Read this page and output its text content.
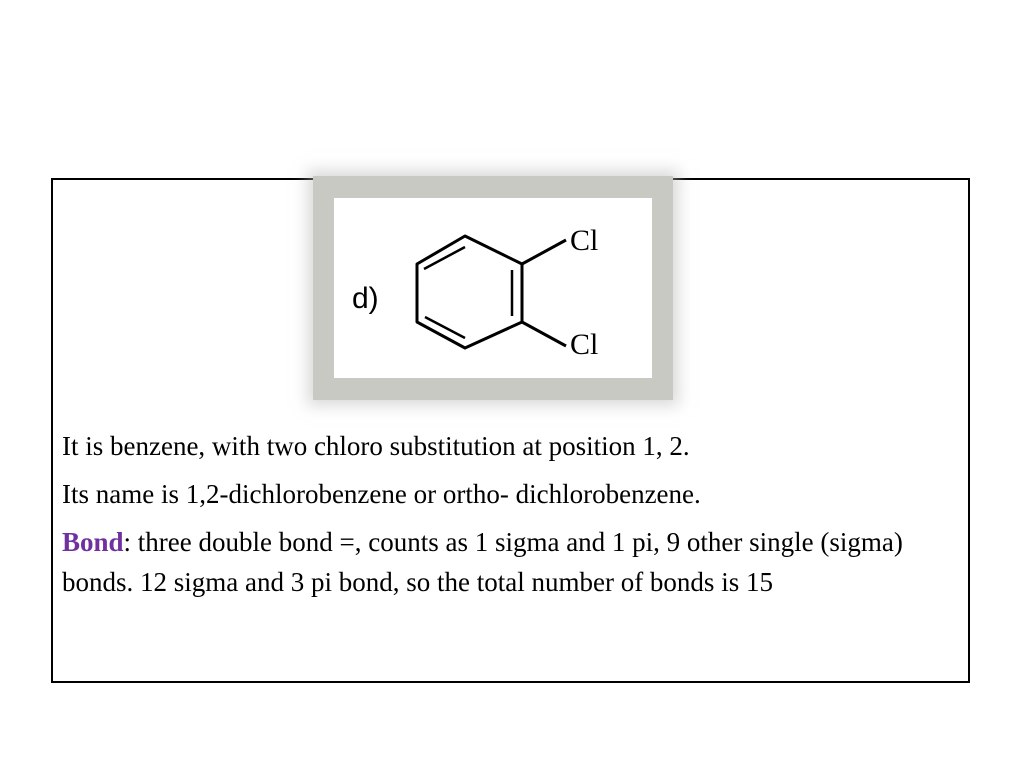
Cl
Cl
d)

It is benzene, with two chloro substitution at position 1, 2.

Its name is 1,2-dichlorobenzene or ortho- dichlorobenzene.

Bond: three double bond =, counts as 1 sigma and 1 pi, 9 other single (sigma) bonds. 12 sigma and 3 pi bond, so the total number of bonds is 15
